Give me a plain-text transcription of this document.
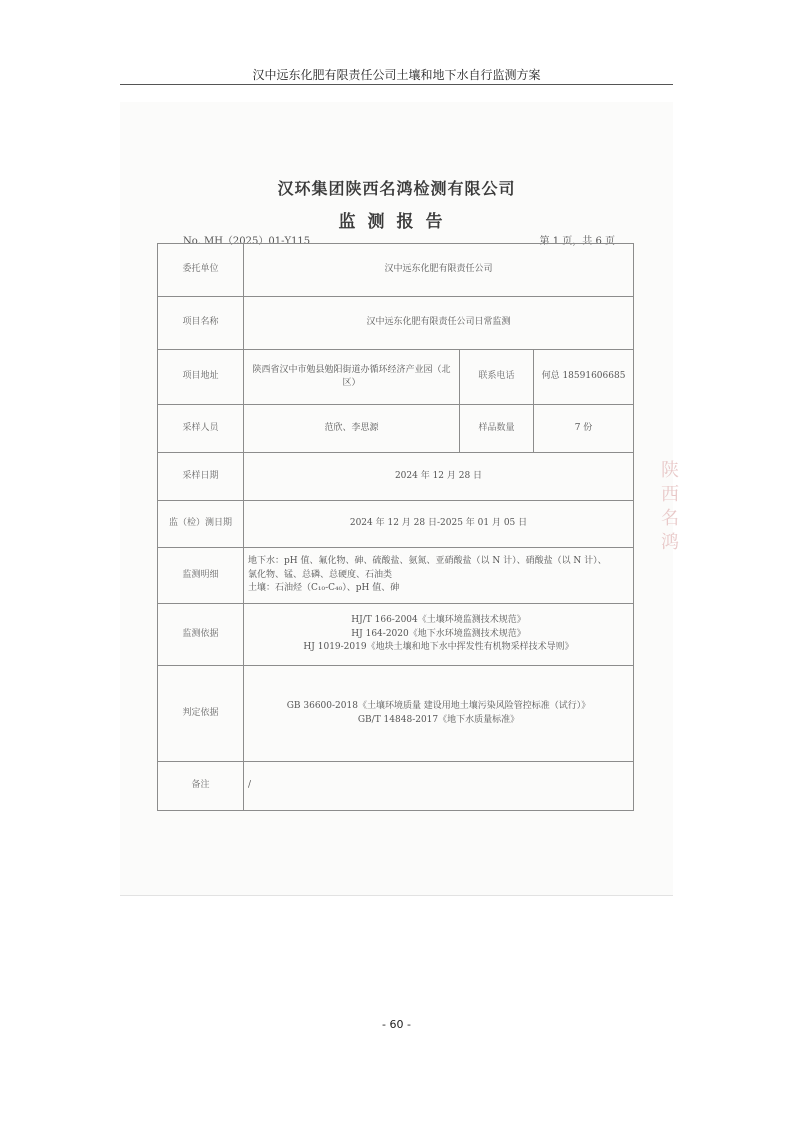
汉中远东化肥有限责任公司土壤和地下水自行监测方案
汉环集团陕西名鸿检测有限公司
监测报告
No. MH（2025）01-Y115	第 1 页，共 6 页
委托单位	汉中远东化肥有限责任公司		
项目名称	汉中远东化肥有限责任公司日常监测		
项目地址	陕西省汉中市勉县勉阳街道办循环经济产业园（北区）	联系电话	何总 18591606685
采样人员	范欣、李思源	样品数量	7 份
采样日期	2024 年 12 月 28 日		
监（检）测日期	2024 年 12 月 28 日-2025 年 01 月 05 日		
监测明细	地下水：pH 值、氟化物、砷、硫酸盐、氨氮、亚硝酸盐（以 N 计）、硝酸盐（以 N 计）、
氯化物、锰、总磷、总硬度、石油类
土壤：石油烃（C₁₀-C₄₀）、pH 值、砷		

监测依据	HJ/T 166-2004《土壤环境监测技术规范》
HJ 164-2020《地下水环境监测技术规范》
HJ 1019-2019《地块土壤和地下水中挥发性有机物采样技术导则》		

判定依据	GB 36600-2018《土壤环境质量 建设用地土壤污染风险管控标准（试行）》
GB/T 14848-2017《地下水质量标准》		

备注	/		
陕西名鸿
- 60 -
